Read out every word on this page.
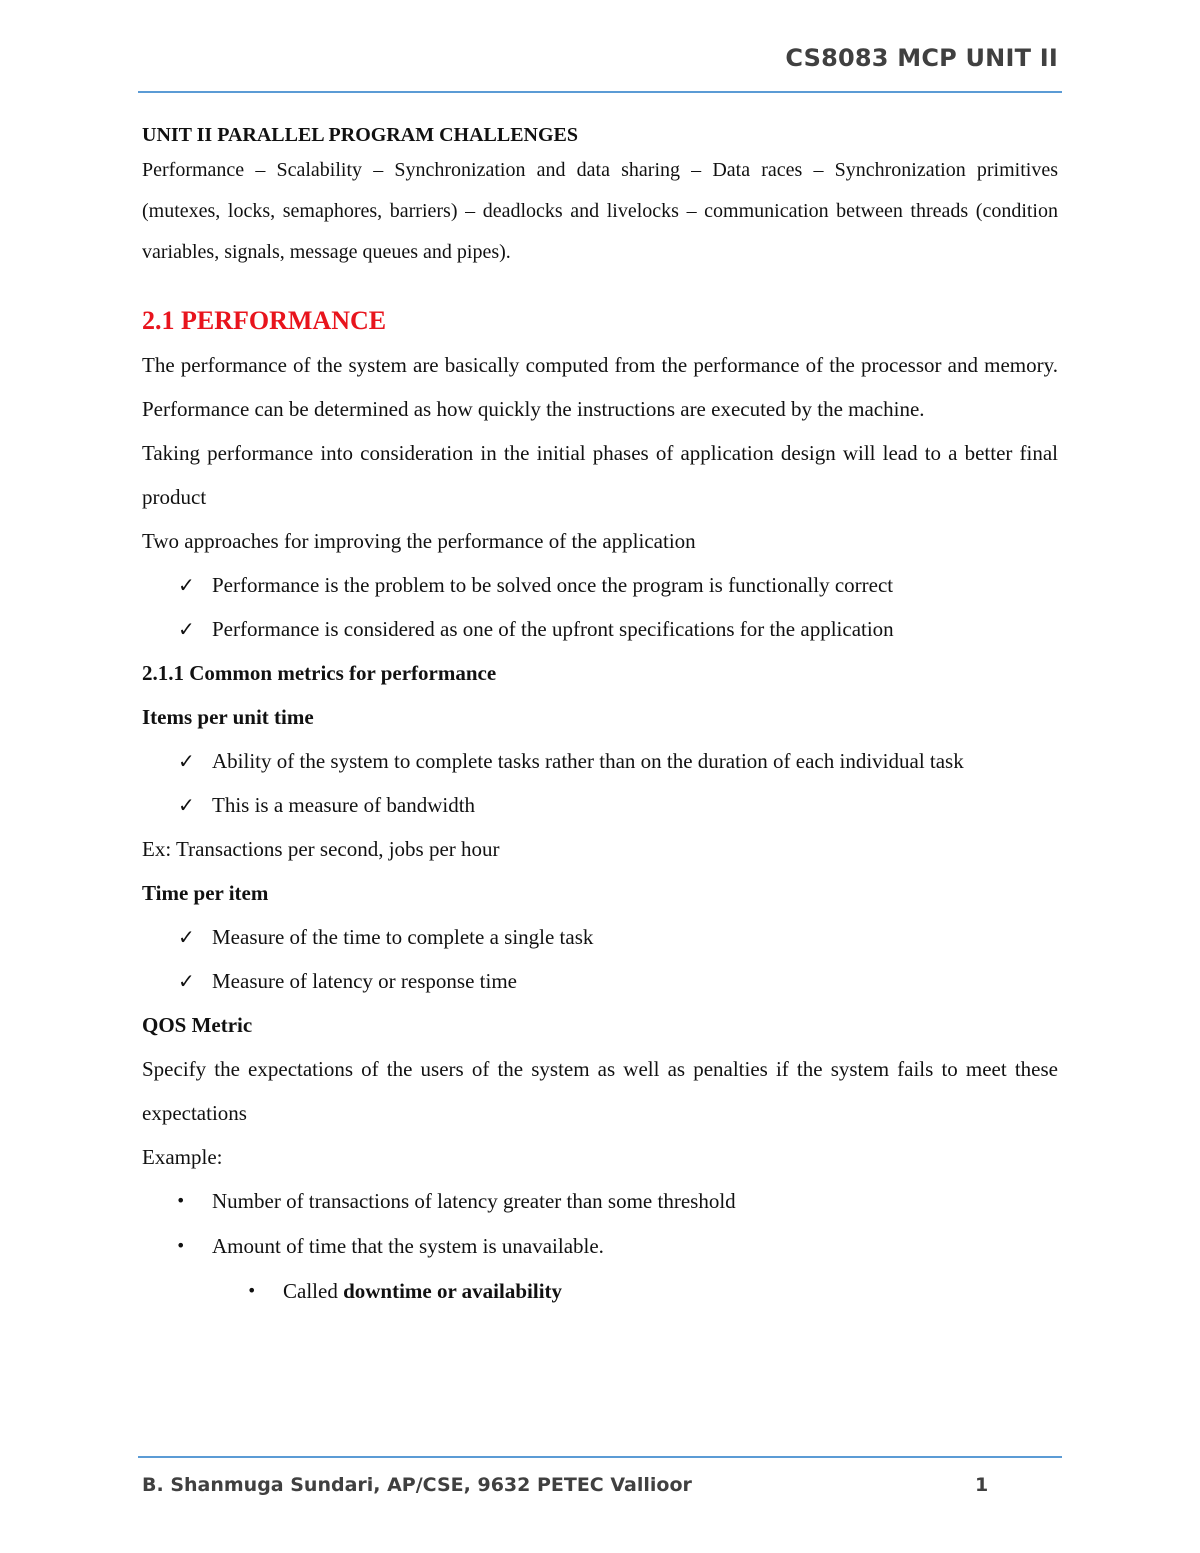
CS8083 MCP UNIT II

UNIT II PARALLEL PROGRAM CHALLENGES

Performance – Scalability – Synchronization and data sharing – Data races – Synchronization primitives (mutexes, locks, semaphores, barriers) – deadlocks and livelocks – communication between threads (condition variables, signals, message queues and pipes).

2.1 PERFORMANCE

The performance of the system are basically computed from the performance of the processor and memory. Performance can be determined as how quickly the instructions are executed by the machine.

Taking performance into consideration in the initial phases of application design will lead to a better final product

Two approaches for improving the performance of the application

✓ Performance is the problem to be solved once the program is functionally correct
✓ Performance is considered as one of the upfront specifications for the application

2.1.1 Common metrics for performance

Items per unit time

✓ Ability of the system to complete tasks rather than on the duration of each individual task
✓ This is a measure of bandwidth

Ex: Transactions per second, jobs per hour

Time per item

✓ Measure of the time to complete a single task
✓ Measure of latency or response time

QOS Metric

Specify the expectations of the users of the system as well as penalties if the system fails to meet these expectations

Example:

• Number of transactions of latency greater than some threshold
• Amount of time that the system is unavailable.
• Called downtime or availability
B. Shanmuga Sundari, AP/CSE, 9632 PETEC Vallioor	1
